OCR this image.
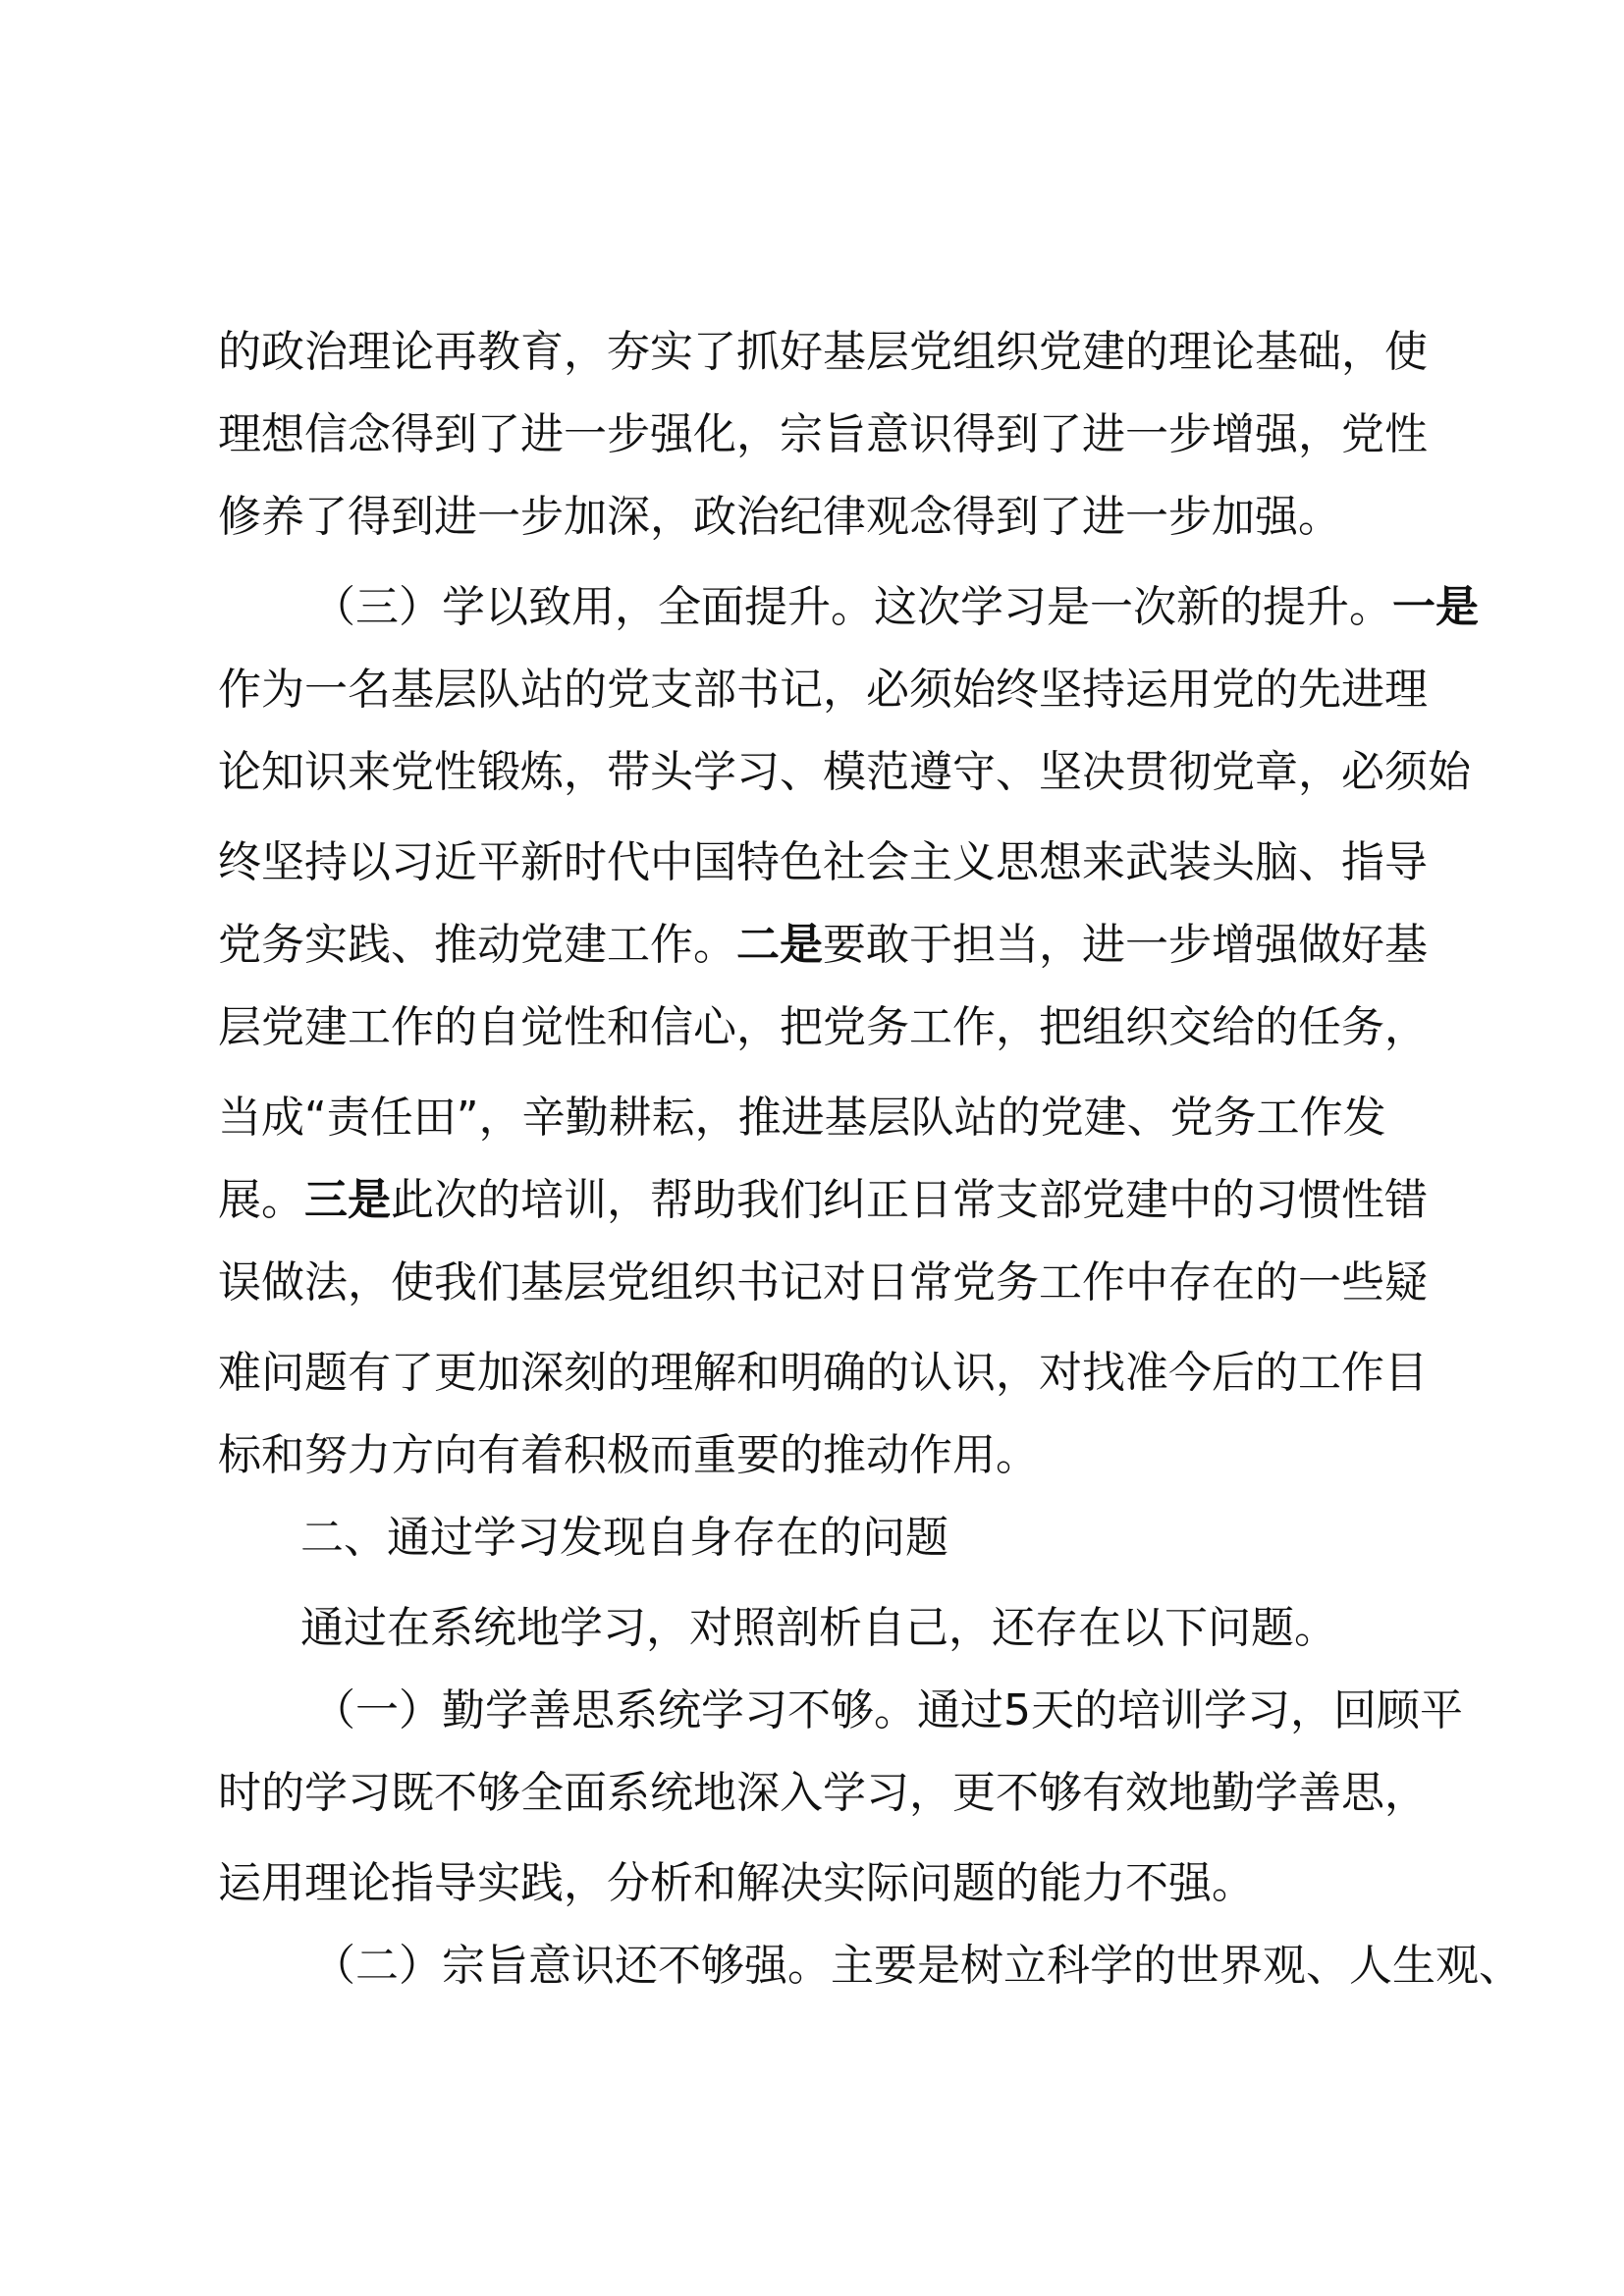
的政治理论再教育，夯实了抓好基层党组织党建的理论基础，使
理想信念得到了进一步强化，宗旨意识得到了进一步增强，党性
修养了得到进一步加深，政治纪律观念得到了进一步加强。
（三）学以致用，全面提升。这次学习是一次新的提升。一是
作为一名基层队站的党支部书记，必须始终坚持运用党的先进理
论知识来党性锻炼，带头学习、模范遵守、坚决贯彻党章，必须始
终坚持以习近平新时代中国特色社会主义思想来武装头脑、指导
党务实践、推动党建工作。二是要敢于担当，进一步增强做好基
层党建工作的自觉性和信心，把党务工作，把组织交给的任务，
当成“责任田”，辛勤耕耘，推进基层队站的党建、党务工作发
展。三是此次的培训，帮助我们纠正日常支部党建中的习惯性错
误做法，使我们基层党组织书记对日常党务工作中存在的一些疑
难问题有了更加深刻的理解和明确的认识，对找准今后的工作目
标和努力方向有着积极而重要的推动作用。
二、通过学习发现自身存在的问题
通过在系统地学习，对照剖析自己，还存在以下问题。
（一）勤学善思系统学习不够。通过5天的培训学习，回顾平
时的学习既不够全面系统地深入学习，更不够有效地勤学善思，
运用理论指导实践，分析和解决实际问题的能力不强。
（二）宗旨意识还不够强。主要是树立科学的世界观、人生观、
